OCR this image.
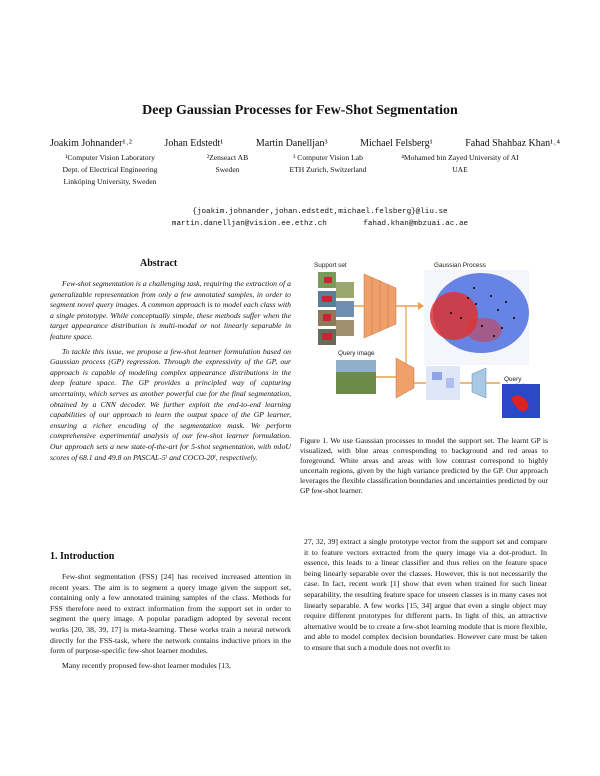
Deep Gaussian Processes for Few-Shot Segmentation
Joakim Johnander¹˒²	Johan Edstedt¹	Martin Danelljan³	Michael Felsberg¹	Fahad Shahbaz Khan¹˒⁴
¹Computer Vision Laboratory
Dept. of Electrical Engineering
Linköping University, Sweden
²Zenseact AB
Sweden
³ Computer Vision Lab
ETH Zurich, Switzerland
⁴Mohamed bin Zayed University of AI
UAE
{joakim.johnander,johan.edstedt,michael.felsberg}@liu.se
martin.danelljan@vision.ee.ethz.ch        fahad.khan@mbzuai.ac.ae
Abstract

Few-shot segmentation is a challenging task, requiring the extraction of a generalizable representation from only a few annotated samples, in order to segment novel query images. A common approach is to model each class with a single prototype. While conceptually simple, these methods suffer when the target appearance distribution is multi-modal or not linearly separable in feature space.

To tackle this issue, we propose a few-shot learner formulation based on Gaussian process (GP) regression. Through the expressivity of the GP, our approach is capable of modeling complex appearance distributions in the deep feature space. The GP provides a principled way of capturing uncertainty, which serves as another powerful cue for the final segmentation, obtained by a CNN decoder. We further exploit the end-to-end learning capabilities of our approach to learn the output space of the GP learner, ensuring a richer encoding of the segmentation mask. We perform comprehensive experimental analysis of our few-shot learner formulation. Our approach sets a new state-of-the-art for 5-shot segmentation, with mIoU scores of 68.1 and 49.8 on PASCAL-5ⁱ and COCO-20ⁱ, respectively.

1. Introduction

Few-shot segmentation (FSS) [24] has received increased attention in recent years. The aim is to segment a query image given the support set, containing only a few annotated training samples of the class. Methods for FSS therefore need to extract information from the support set in order to segment the query image. A popular paradigm adopted by several recent works [20, 38, 39, 17] is meta-learning. These works train a neural network directly for the FSS-task, where the network contains inductive priors in the form of purpose-specific few-shot learner modules.

Many recently proposed few-shot learner modules [13,

Support set	Gaussian Process
Query image
Query
Figure 1. We use Gaussian processes to model the support set. The learnt GP is visualized, with blue areas corresponding to background and red areas to foreground. White areas and areas with low contrast correspond to highly uncertain regions, given by the high variance predicted by the GP. Our approach leverages the flexible classification boundaries and uncertainties predicted by our GP few-shot learner.

27, 32, 39] extract a single prototype vector from the support set and compare it to feature vectors extracted from the query image via a dot-product. In essence, this leads to a linear classifier and thus relies on the feature space being linearly separable over the classes. However, this is not necessarily the case. In fact, recent work [1] show that even when trained for such linear separability, the resulting feature space for unseen classes is in many cases not linearly separable. A few works [15, 34] argue that even a single object may require different prototypes for different parts. In light of this, an attractive alternative would be to create a few-shot learning module that is more flexible, and able to model complex decision boundaries. However care must be taken to ensure that such a module does not overfit to
